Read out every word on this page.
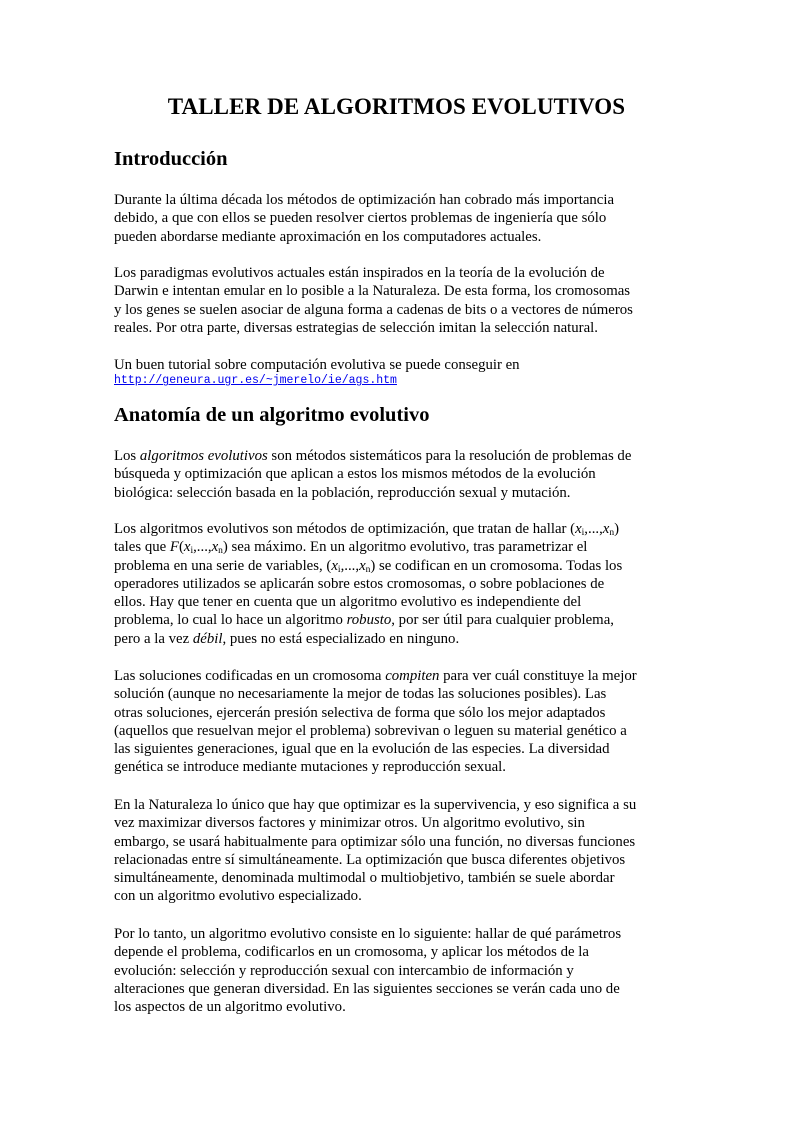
TALLER DE ALGORITMOS EVOLUTIVOS
Introducción
Durante la última década los métodos de optimización han cobrado más importancia
debido, a que con ellos se pueden resolver ciertos problemas de ingeniería que sólo
pueden abordarse mediante aproximación en los computadores actuales.
Los paradigmas evolutivos actuales están inspirados en la teoría de la evolución de
Darwin e intentan emular en lo posible a la Naturaleza. De esta forma, los cromosomas
y los genes se suelen asociar de alguna forma a cadenas de bits o a vectores de números
reales. Por otra parte, diversas estrategias de selección imitan la selección natural.
Un buen tutorial sobre computación evolutiva se puede conseguir en
http://geneura.ugr.es/~jmerelo/ie/ags.htm
Anatomía de un algoritmo evolutivo
Los algoritmos evolutivos son métodos sistemáticos para la resolución de problemas de
búsqueda y optimización que aplican a estos los mismos métodos de la evolución
biológica: selección basada en la población, reproducción sexual y mutación.
Los algoritmos evolutivos son métodos de optimización, que tratan de hallar $(x_i,...,x_n)$
tales que $F(x_i,...,x_n)$ sea máximo. En un algoritmo evolutivo, tras parametrizar el
problema en una serie de variables, $(x_i,...,x_n)$ se codifican en un cromosoma. Todas los
operadores utilizados se aplicarán sobre estos cromosomas, o sobre poblaciones de
ellos. Hay que tener en cuenta que un algoritmo evolutivo es independiente del
problema, lo cual lo hace un algoritmo robusto, por ser útil para cualquier problema,
pero a la vez débil, pues no está especializado en ninguno.
Las soluciones codificadas en un cromosoma compiten para ver cuál constituye la mejor
solución (aunque no necesariamente la mejor de todas las soluciones posibles). Las
otras soluciones, ejercerán presión selectiva de forma que sólo los mejor adaptados
(aquellos que resuelvan mejor el problema) sobrevivan o leguen su material genético a
las siguientes generaciones, igual que en la evolución de las especies. La diversidad
genética se introduce mediante mutaciones y reproducción sexual.
En la Naturaleza lo único que hay que optimizar es la supervivencia, y eso significa a su
vez maximizar diversos factores y minimizar otros. Un algoritmo evolutivo, sin
embargo, se usará habitualmente para optimizar sólo una función, no diversas funciones
relacionadas entre sí simultáneamente. La optimización que busca diferentes objetivos
simultáneamente, denominada multimodal o multiobjetivo, también se suele abordar
con un algoritmo evolutivo especializado.
Por lo tanto, un algoritmo evolutivo consiste en lo siguiente: hallar de qué parámetros
depende el problema, codificarlos en un cromosoma, y aplicar los métodos de la
evolución: selección y reproducción sexual con intercambio de información y
alteraciones que generan diversidad. En las siguientes secciones se verán cada uno de
los aspectos de un algoritmo evolutivo.
